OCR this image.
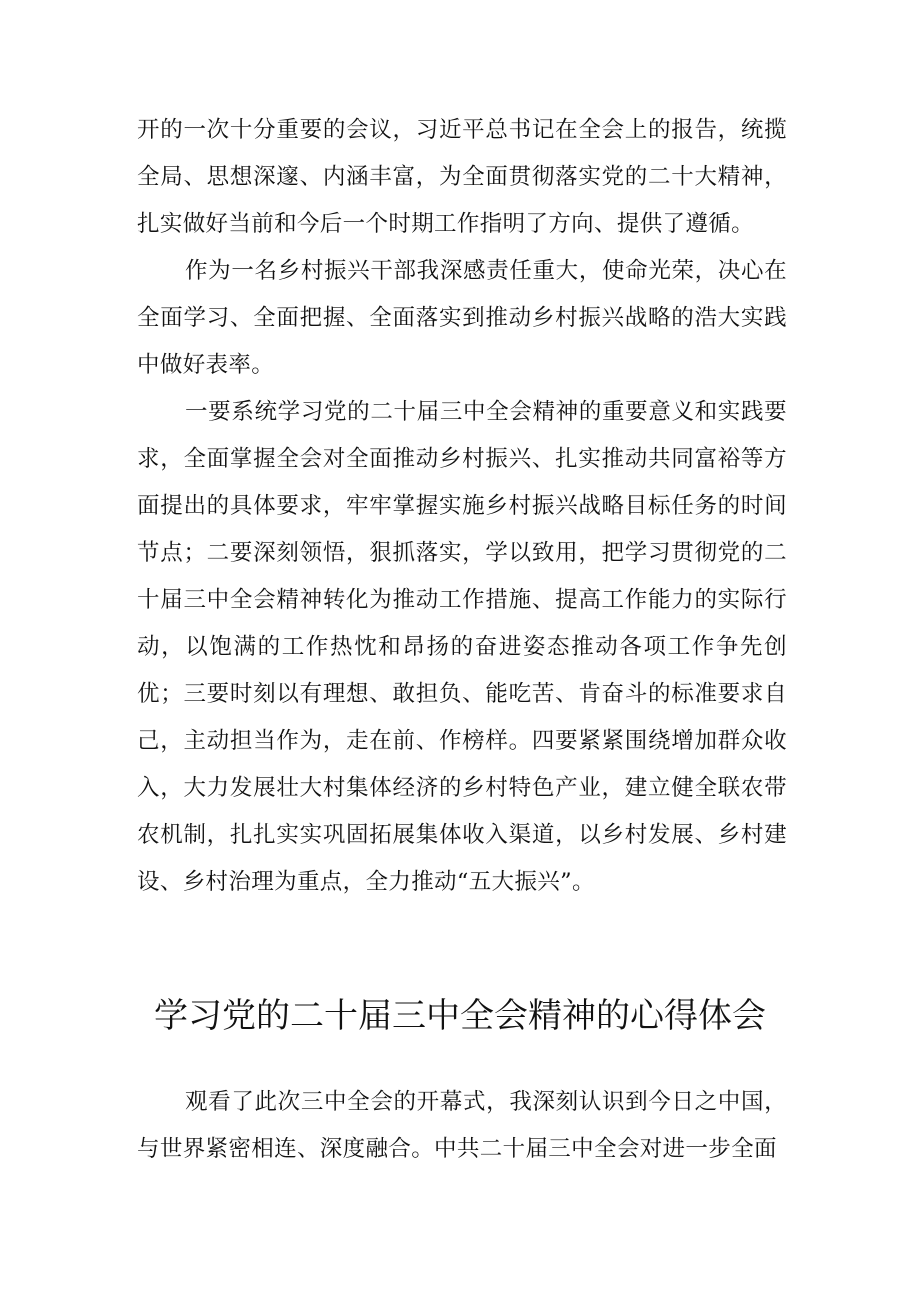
开的一次十分重要的会议，习近平总书记在全会上的报告，统揽全局、思想深邃、内涵丰富，为全面贯彻落实党的二十大精神，扎实做好当前和今后一个时期工作指明了方向、提供了遵循。

作为一名乡村振兴干部我深感责任重大，使命光荣，决心在全面学习、全面把握、全面落实到推动乡村振兴战略的浩大实践中做好表率。

一要系统学习党的二十届三中全会精神的重要意义和实践要求，全面掌握全会对全面推动乡村振兴、扎实推动共同富裕等方面提出的具体要求，牢牢掌握实施乡村振兴战略目标任务的时间节点；二要深刻领悟，狠抓落实，学以致用，把学习贯彻党的二十届三中全会精神转化为推动工作措施、提高工作能力的实际行动，以饱满的工作热忱和昂扬的奋进姿态推动各项工作争先创优；三要时刻以有理想、敢担负、能吃苦、肯奋斗的标准要求自己，主动担当作为，走在前、作榜样。四要紧紧围绕增加群众收入，大力发展壮大村集体经济的乡村特色产业，建立健全联农带农机制，扎扎实实巩固拓展集体收入渠道，以乡村发展、乡村建设、乡村治理为重点，全力推动“五大振兴”。

学习党的二十届三中全会精神的心得体会

观看了此次三中全会的开幕式，我深刻认识到今日之中国，与世界紧密相连、深度融合。中共二十届三中全会对进一步全面
